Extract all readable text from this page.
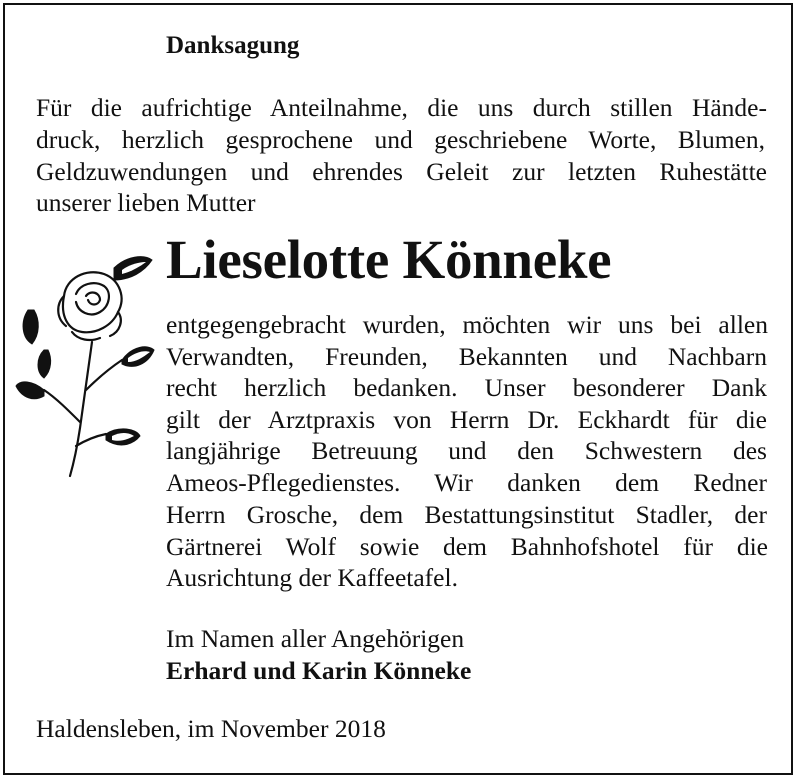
Danksagung
Für die aufrichtige Anteilnahme, die uns durch stillen Hände-
druck, herzlich gesprochene und geschriebene Worte, Blumen,
Geldzuwendungen und ehrendes Geleit zur letzten Ruhestätte
unserer lieben Mutter
Lieselotte Könneke
entgegengebracht wurden, möchten wir uns bei allen
Verwandten, Freunden, Bekannten und Nachbarn
recht herzlich bedanken. Unser besonderer Dank
gilt der Arztpraxis von Herrn Dr. Eckhardt für die
langjährige Betreuung und den Schwestern des
Ameos-Pflegedienstes. Wir danken dem Redner
Herrn Grosche, dem Bestattungsinstitut Stadler, der
Gärtnerei Wolf sowie dem Bahnhofshotel für die
Ausrichtung der Kaffeetafel.
Im Namen aller Angehörigen
Erhard und Karin Könneke
Haldensleben, im November 2018
